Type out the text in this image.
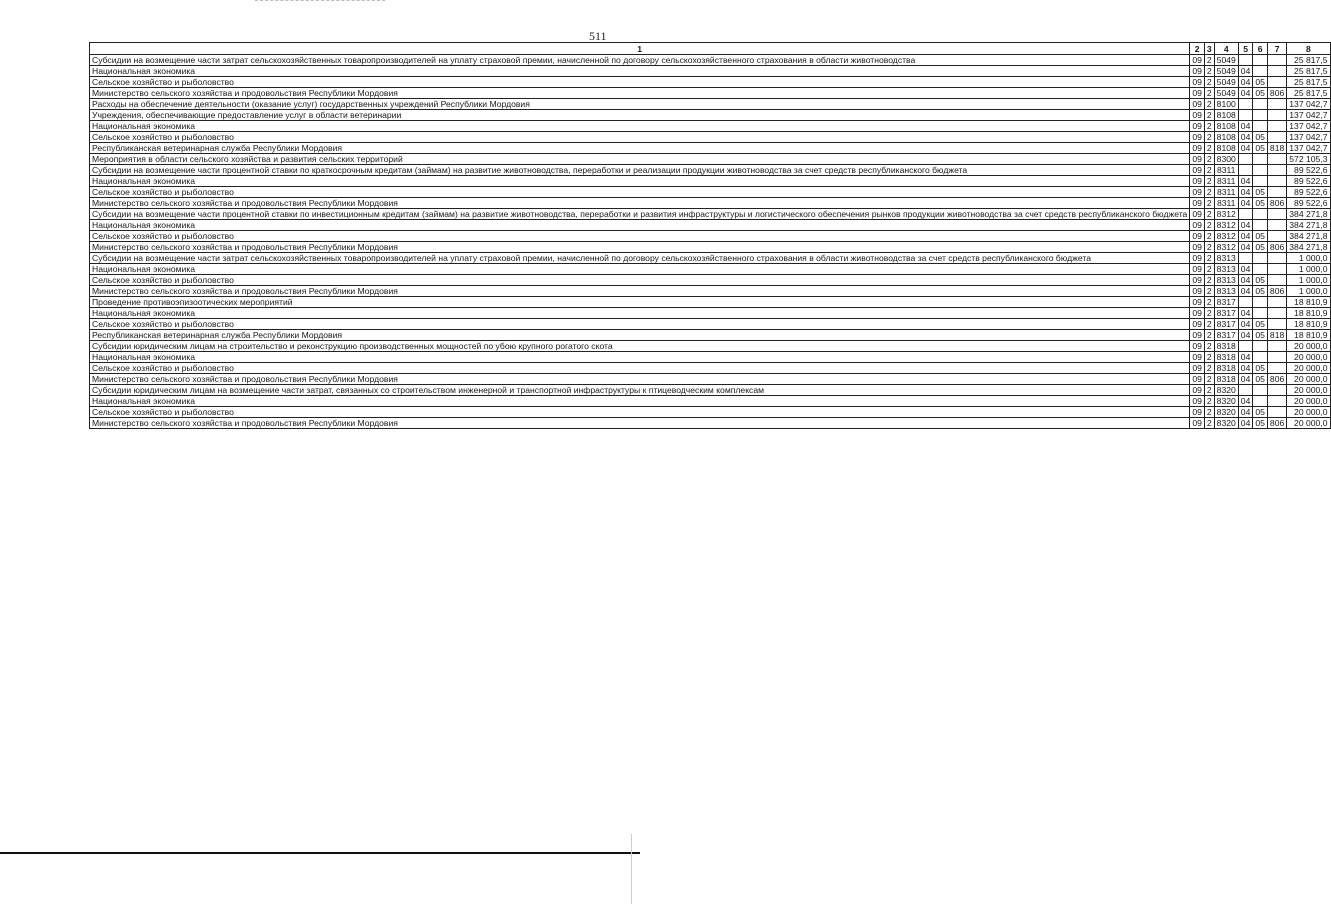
511
1	2	3	4	5	6	7	8
Субсидии на возмещение части затрат сельскохозяйственных товаропроизводителей на уплату страховой премии, начисленной по договору сельскохозяйственного страхования в области животноводства	09	2	5049				25 817,5
Национальная экономика	09	2	5049	04			25 817,5
Сельское хозяйство и рыболовство	09	2	5049	04	05		25 817,5
Министерство сельского хозяйства и продовольствия Республики Мордовия	09	2	5049	04	05	806	25 817,5
Расходы на обеспечение деятельности (оказание услуг) государственных учреждений Республики Мордовия	09	2	8100				137 042,7
Учреждения, обеспечивающие предоставление услуг в области ветеринарии	09	2	8108				137 042,7
Национальная экономика	09	2	8108	04			137 042,7
Сельское хозяйство и рыболовство	09	2	8108	04	05		137 042,7
Республиканская ветеринарная служба Республики Мордовия	09	2	8108	04	05	818	137 042,7
Мероприятия в области сельского хозяйства и развития сельских территорий	09	2	8300				572 105,3
Субсидии на возмещение части процентной ставки по краткосрочным кредитам (займам) на развитие животноводства, переработки и реализации продукции животноводства за счет средств республиканского бюджета	09	2	8311				89 522,6
Национальная экономика	09	2	8311	04			89 522,6
Сельское хозяйство и рыболовство	09	2	8311	04	05		89 522,6
Министерство сельского хозяйства и продовольствия Республики Мордовия	09	2	8311	04	05	806	89 522,6
Субсидии на возмещение части процентной ставки по инвестиционным кредитам (займам) на развитие животноводства, переработки и развития инфраструктуры и логистического обеспечения рынков продукции животноводства за счет средств республиканского бюджета	09	2	8312				384 271,8
Национальная экономика	09	2	8312	04			384 271,8
Сельское хозяйство и рыболовство	09	2	8312	04	05		384 271,8
Министерство сельского хозяйства и продовольствия Республики Мордовия	09	2	8312	04	05	806	384 271,8
Субсидии на возмещение части затрат сельскохозяйственных товаропроизводителей на уплату страховой премии, начисленной по договору сельскохозяйственного страхования в области животноводства за счет средств республиканского бюджета	09	2	8313				1 000,0
Национальная экономика	09	2	8313	04			1 000,0
Сельское хозяйство и рыболовство	09	2	8313	04	05		1 000,0
Министерство сельского хозяйства и продовольствия Республики Мордовия	09	2	8313	04	05	806	1 000,0
Проведение противоэпизоотических мероприятий	09	2	8317				18 810,9
Национальная экономика	09	2	8317	04			18 810,9
Сельское хозяйство и рыболовство	09	2	8317	04	05		18 810,9
Республиканская ветеринарная служба Республики Мордовия	09	2	8317	04	05	818	18 810,9
Субсидии юридическим лицам на строительство и реконструкцию производственных мощностей по убою крупного рогатого скота	09	2	8318				20 000,0
Национальная экономика	09	2	8318	04			20 000,0
Сельское хозяйство и рыболовство	09	2	8318	04	05		20 000,0
Министерство сельского хозяйства и продовольствия Республики Мордовия	09	2	8318	04	05	806	20 000,0
Субсидии юридическим лицам на возмещение части затрат, связанных со строительством инженерной и транспортной инфраструктуры к птицеводческим комплексам	09	2	8320				20 000,0
Национальная экономика	09	2	8320	04			20 000,0
Сельское хозяйство и рыболовство	09	2	8320	04	05		20 000,0
Министерство сельского хозяйства и продовольствия Республики Мордовия	09	2	8320	04	05	806	20 000,0
